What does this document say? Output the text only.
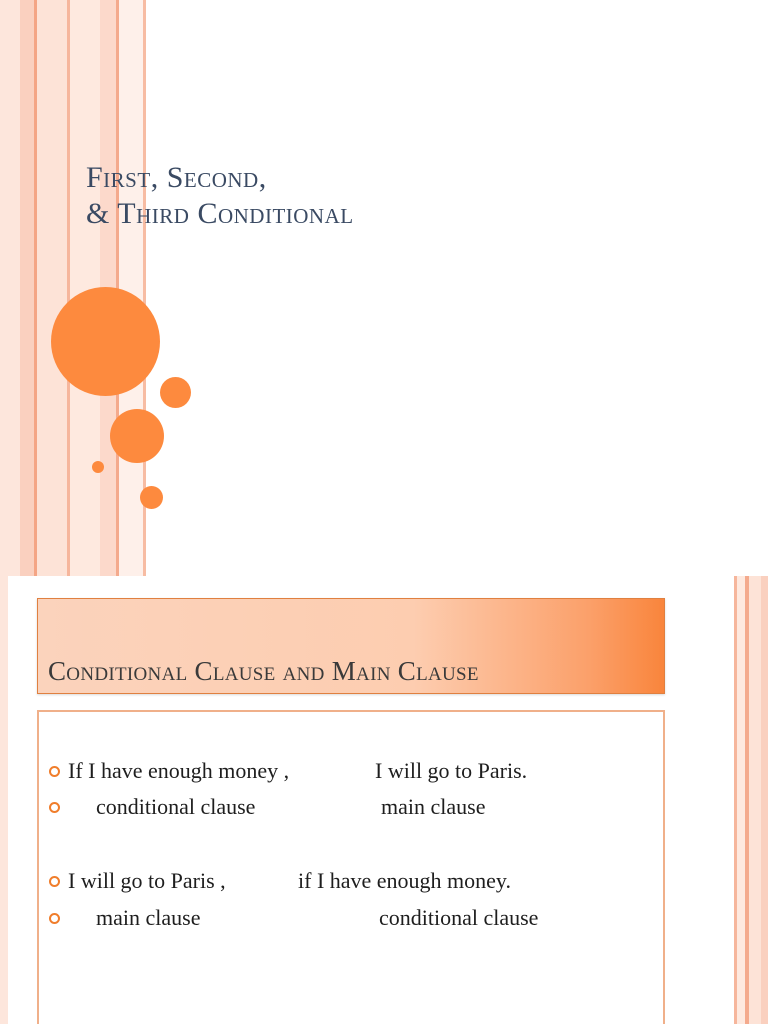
First, Second,
& Third Conditional
Conditional Clause and Main Clause

If I have enough money ,

	I will go to Paris.

conditional clause

	main clause

I will go to Paris ,

	if I have enough money.

main clause

	conditional clause
